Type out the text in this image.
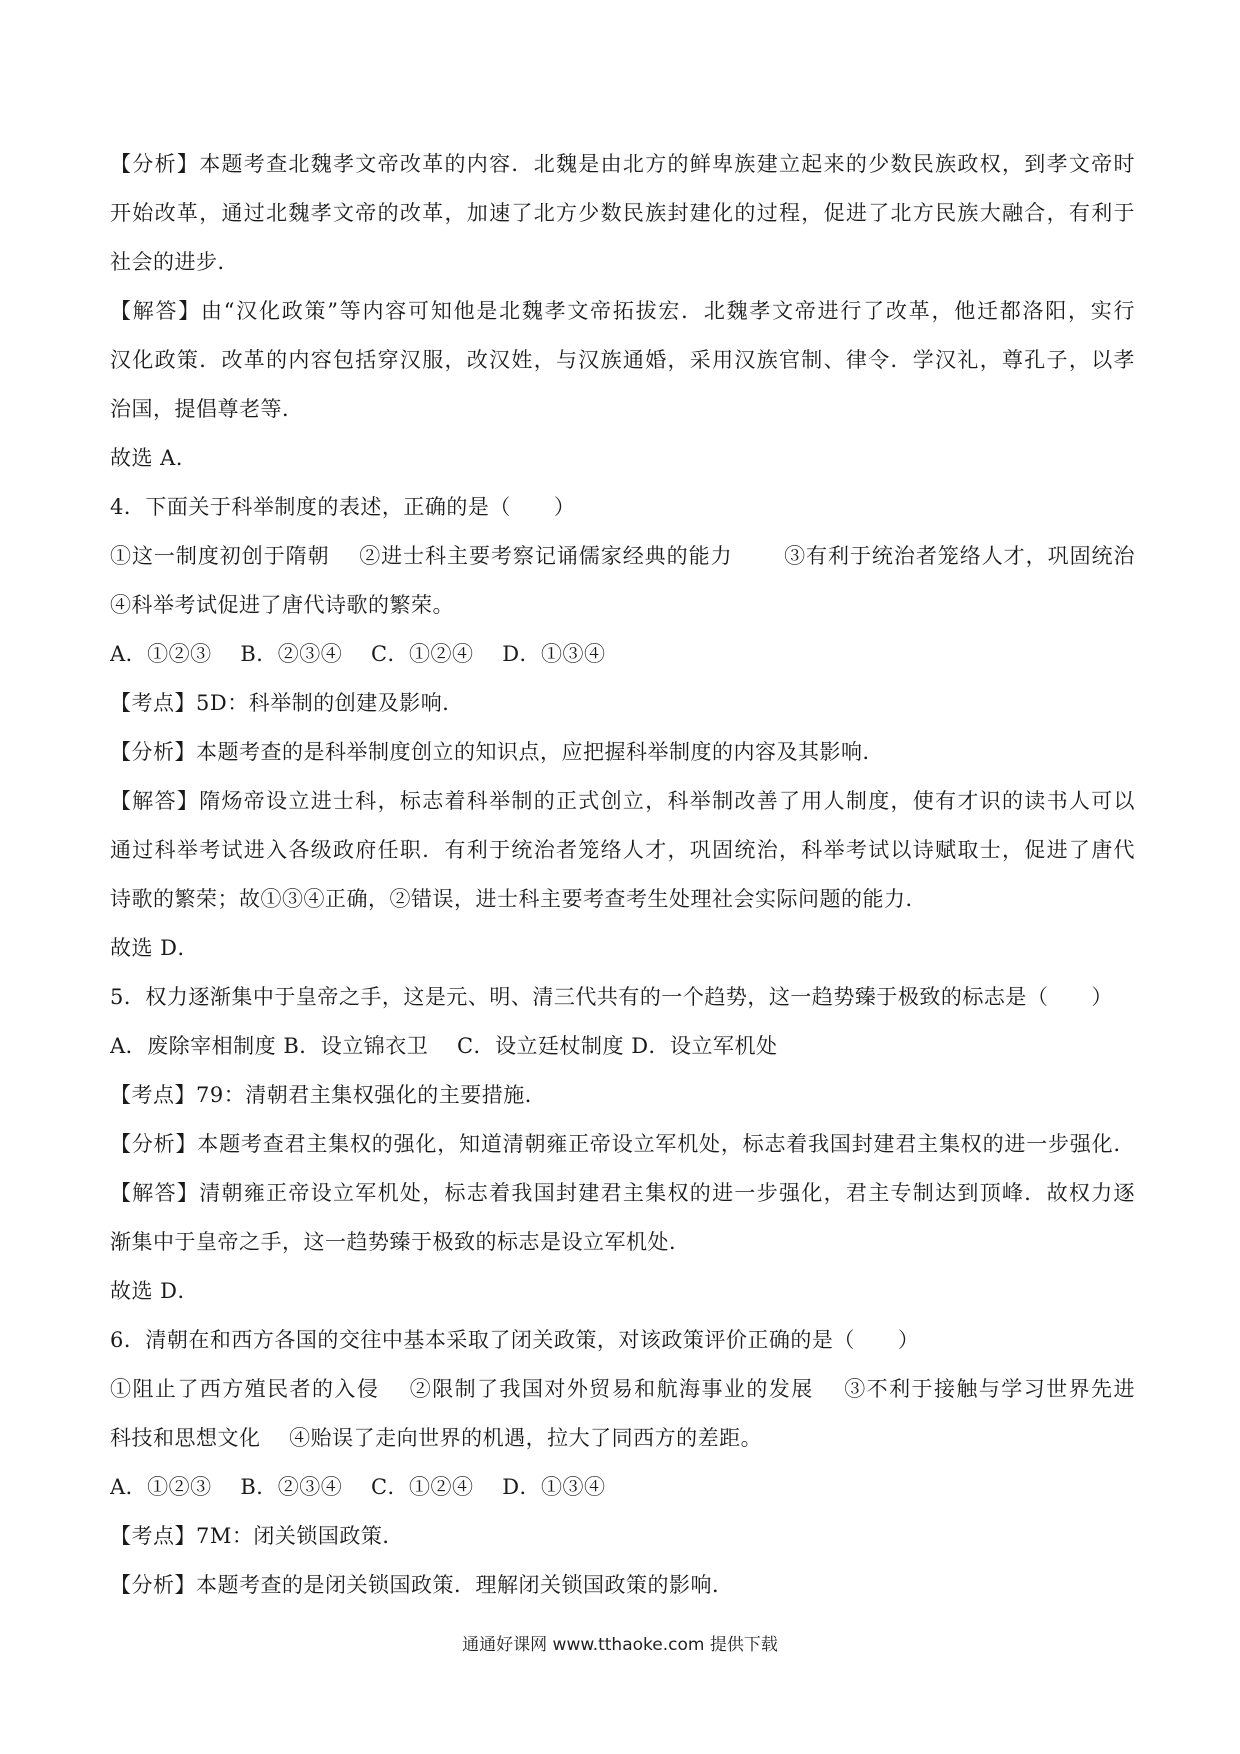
【分析】本题考查北魏孝文帝改革的内容．北魏是由北方的鲜卑族建立起来的少数民族政权，到孝文帝时
开始改革，通过北魏孝文帝的改革，加速了北方少数民族封建化的过程，促进了北方民族大融合，有利于
社会的进步．
【解答】由“汉化政策”等内容可知他是北魏孝文帝拓拔宏．北魏孝文帝进行了改革，他迁都洛阳，实行
汉化政策．改革的内容包括穿汉服，改汉姓，与汉族通婚，采用汉族官制、律令．学汉礼，尊孔子，以孝
治国，提倡尊老等．
故选 A．
4．下面关于科举制度的表述，正确的是（　　）
①这一制度初创于隋朝　 ②进士科主要考察记诵儒家经典的能力　　 ③有利于统治者笼络人才，巩固统治
④科举考试促进了唐代诗歌的繁荣。
A．①②③　 B．②③④　 C．①②④　 D．①③④
【考点】5D：科举制的创建及影响．
【分析】本题考查的是科举制度创立的知识点，应把握科举制度的内容及其影响．
【解答】隋炀帝设立进士科，标志着科举制的正式创立，科举制改善了用人制度，使有才识的读书人可以
通过科举考试进入各级政府任职．有利于统治者笼络人才，巩固统治，科举考试以诗赋取士，促进了唐代
诗歌的繁荣；故①③④正确，②错误，进士科主要考查考生处理社会实际问题的能力．
故选 D．
5．权力逐渐集中于皇帝之手，这是元、明、清三代共有的一个趋势，这一趋势臻于极致的标志是（　　）
A．废除宰相制度 B．设立锦衣卫　 C．设立廷杖制度 D．设立军机处
【考点】79：清朝君主集权强化的主要措施．
【分析】本题考查君主集权的强化，知道清朝雍正帝设立军机处，标志着我国封建君主集权的进一步强化．
【解答】清朝雍正帝设立军机处，标志着我国封建君主集权的进一步强化，君主专制达到顶峰．故权力逐
渐集中于皇帝之手，这一趋势臻于极致的标志是设立军机处．
故选 D．
6．清朝在和西方各国的交往中基本采取了闭关政策，对该政策评价正确的是（　　）
①阻止了西方殖民者的入侵　 ②限制了我国对外贸易和航海事业的发展　 ③不利于接触与学习世界先进
科技和思想文化　 ④贻误了走向世界的机遇，拉大了同西方的差距。
A．①②③　 B．②③④　 C．①②④　 D．①③④
【考点】7M：闭关锁国政策．
【分析】本题考查的是闭关锁国政策．理解闭关锁国政策的影响．
通通好课网 www.tthaoke.com 提供下载
